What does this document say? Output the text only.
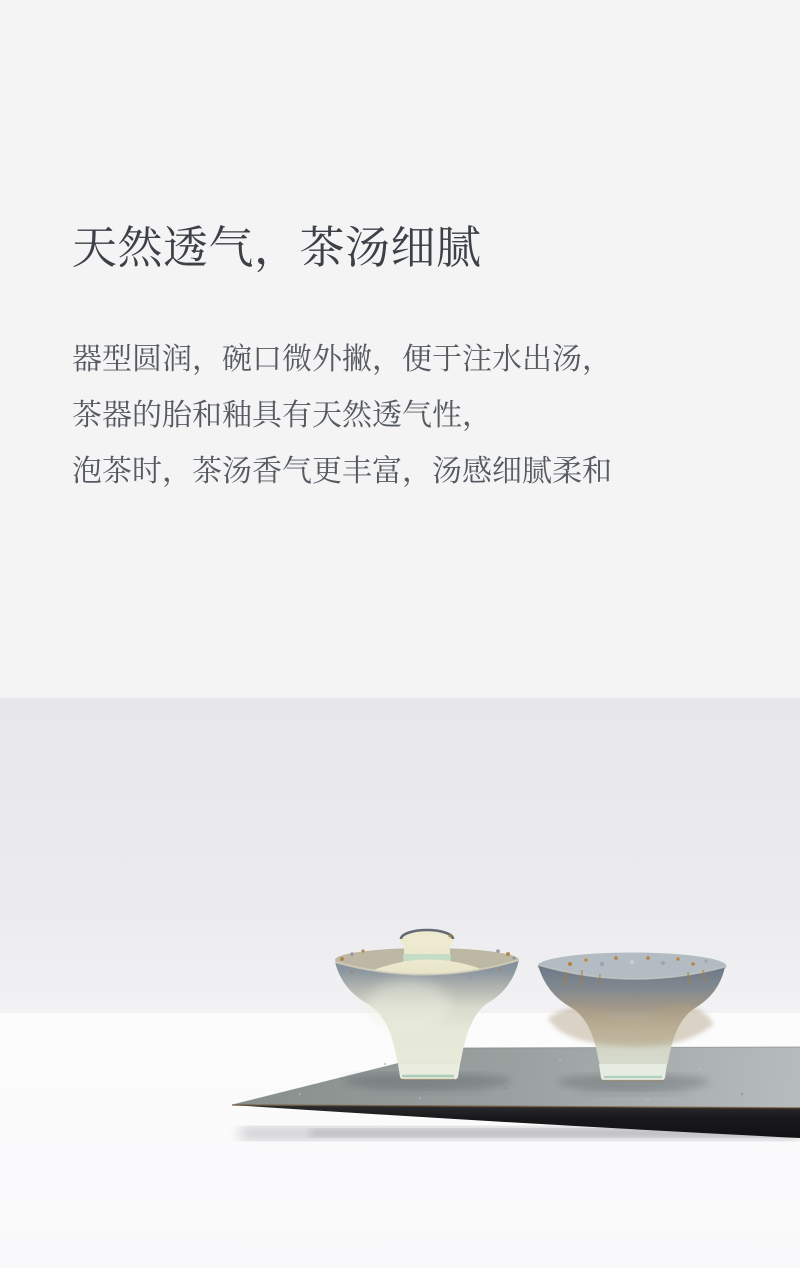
天然透气，茶汤细腻

器型圆润，碗口微外撇，便于注水出汤，

茶器的胎和釉具有天然透气性，

泡茶时，茶汤香气更丰富，汤感细腻柔和
